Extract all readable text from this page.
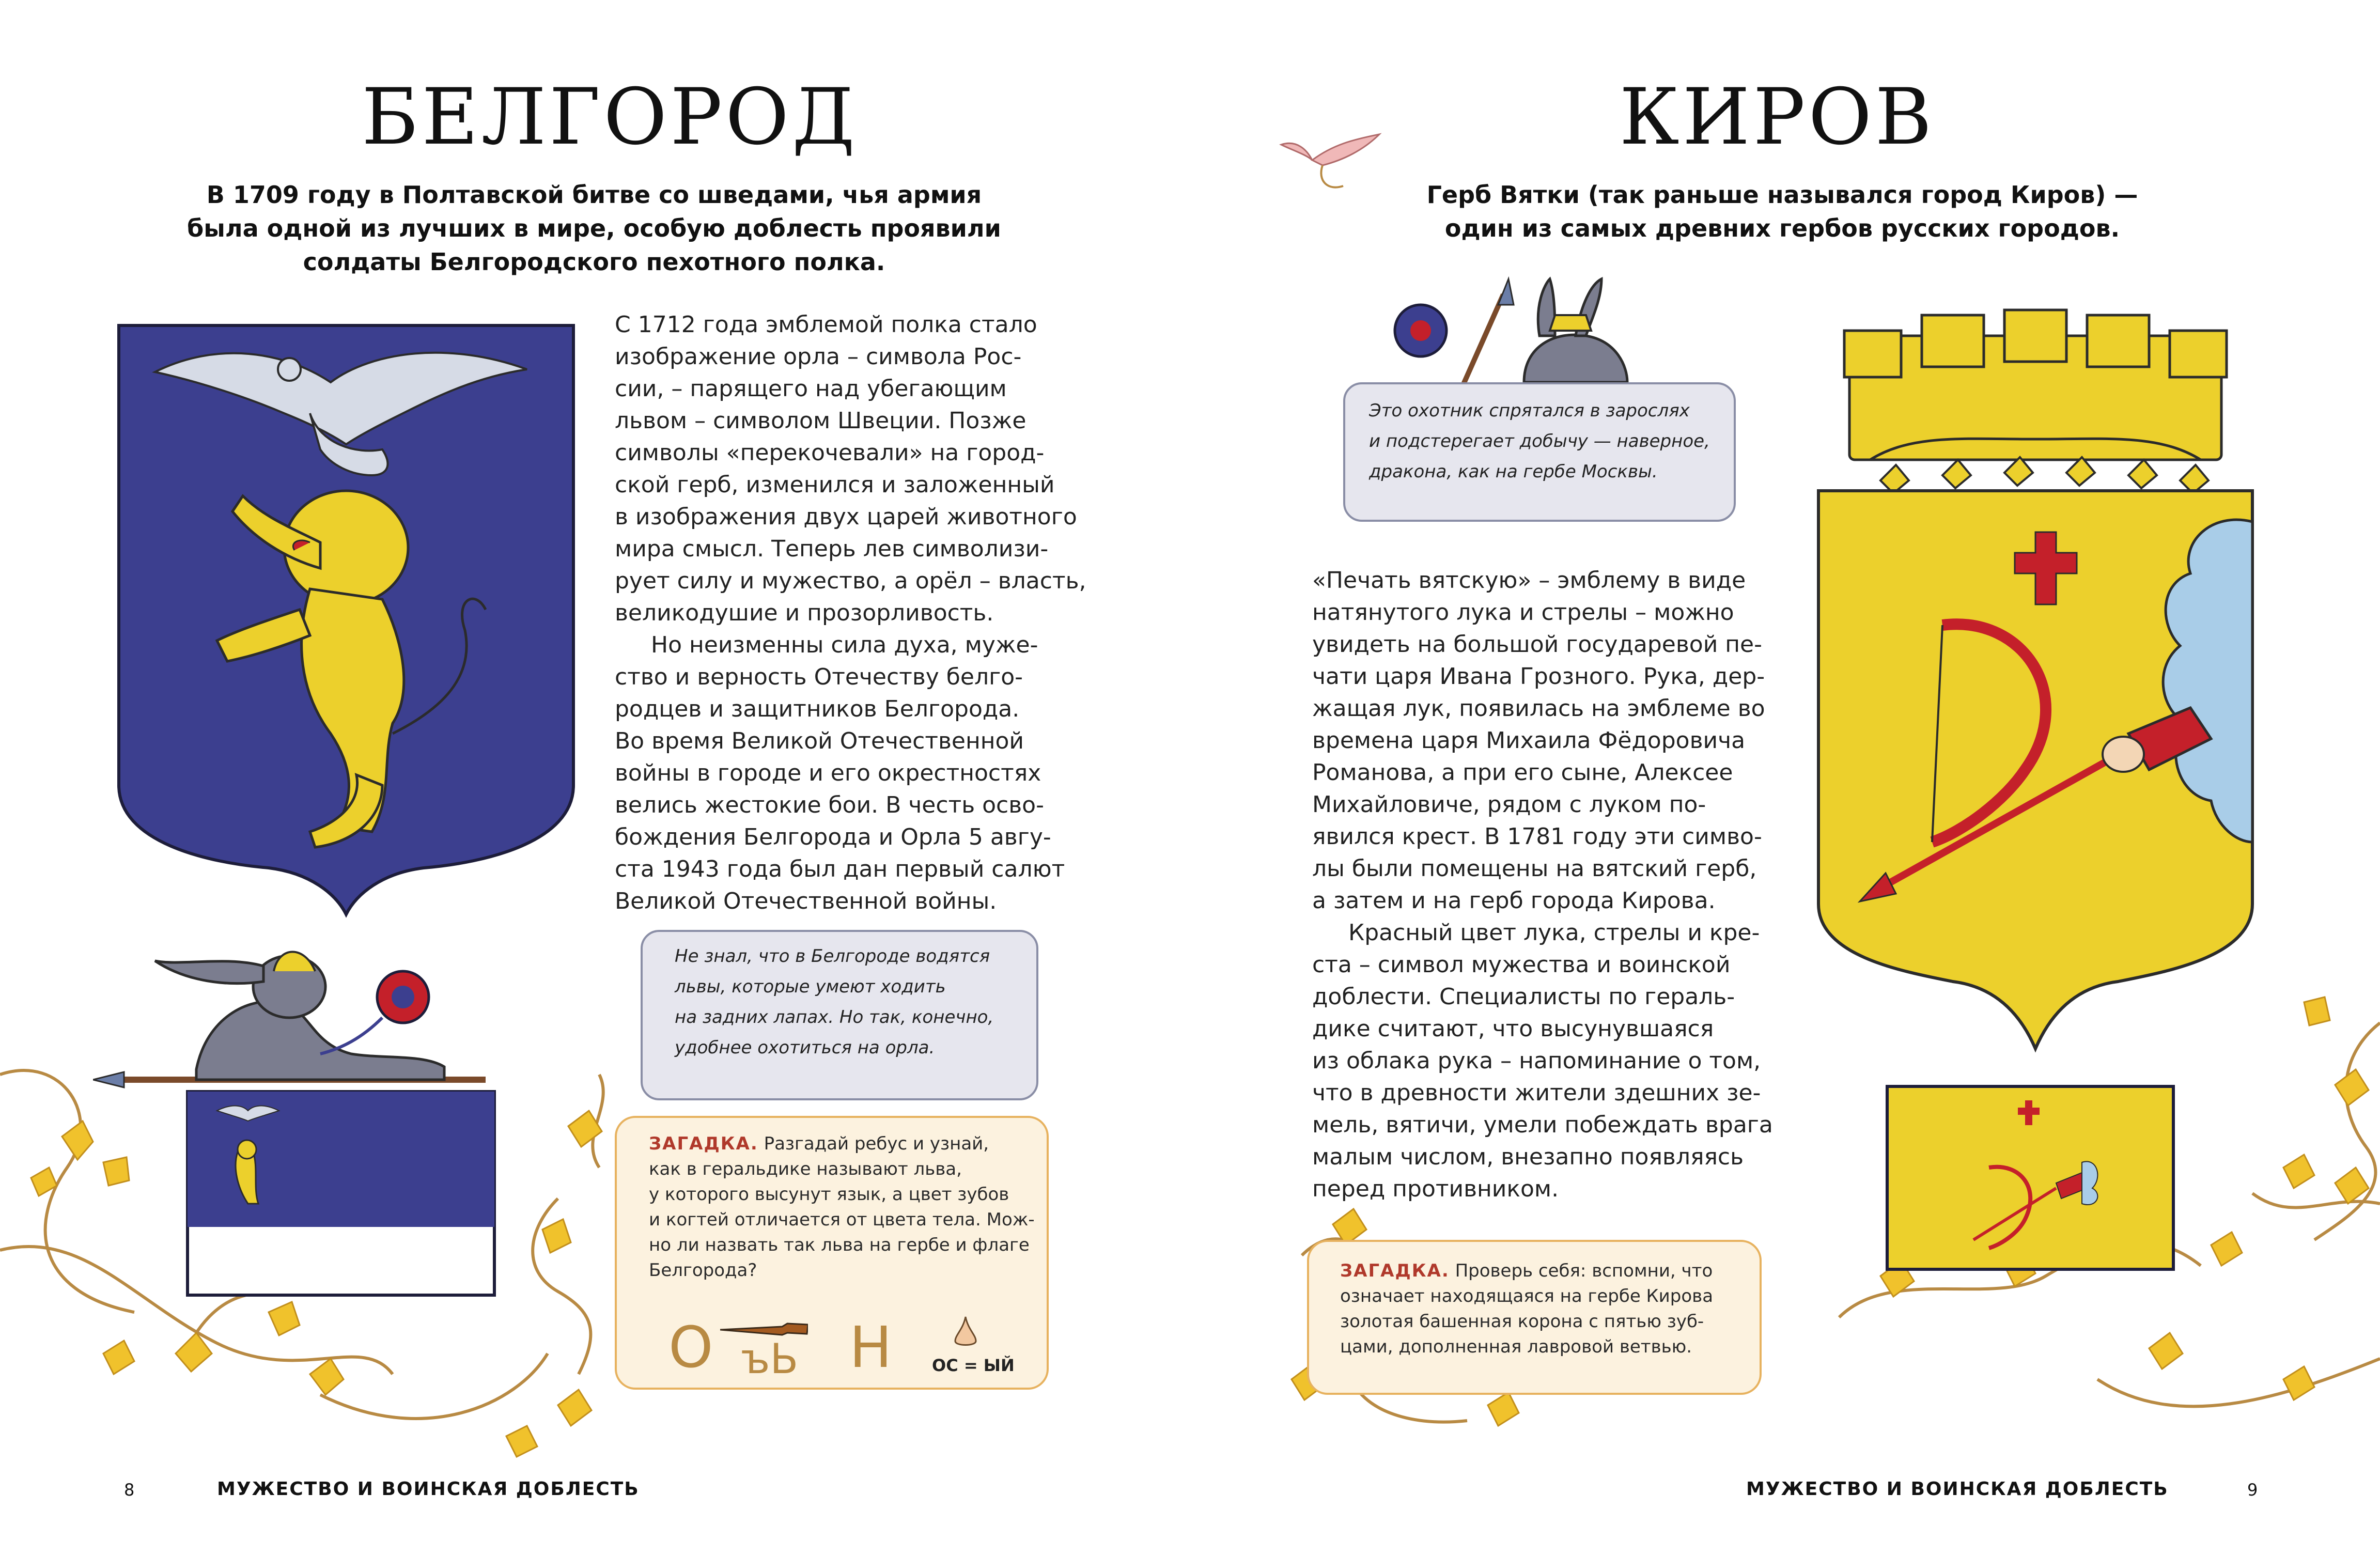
БЕЛГОРОД
В 1709 году в Полтавской битве со шведами, чья армия
была одной из лучших в мире, особую доблесть проявили
солдаты Белгородского пехотного полка.
С 1712 года эмблемой полка стало
изображение орла – символа Рос-
сии, – парящего над убегающим
львом – символом Швеции. Позже
символы «перекочевали» на город-
ской герб, изменился и заложенный
в изображения двух царей животного
мира смысл. Теперь лев символизи-
рует силу и мужество, а орёл – власть,
великодушие и прозорливость.
Но неизменны сила духа, муже-
ство и верность Отечеству белго-
родцев и защитников Белгорода.
Во время Великой Отечественной
войны в городе и его окрестностях
велись жестокие бои. В честь осво-
бождения Белгорода и Орла 5 авгу-
ста 1943 года был дан первый салют
Великой Отечественной войны.
Не знал, что в Белгороде водятся
львы, которые умеют ходить
на задних лапах. Но так, конечно,
удобнее охотиться на орла.
ЗАГАДКА. Разгадай ребус и узнай,
как в геральдике называют льва,
у которого высунут язык, а цвет зубов
и когтей отличается от цвета тела. Мож-
но ли назвать так льва на гербе и флаге
Белгорода?
О ъЬ Н ОС = ЫЙ
8	МУЖЕСТВО И ВОИНСКАЯ ДОБЛЕСТЬ
КИРОВ
Герб Вятки (так раньше назывался город Киров) —
один из самых древних гербов русских городов.
Это охотник спрятался в зарослях
и подстерегает добычу — наверное,
дракона, как на гербе Москвы.
«Печать вятскую» – эмблему в виде
натянутого лука и стрелы – можно
увидеть на большой государевой пе-
чати царя Ивана Грозного. Рука, дер-
жащая лук, появилась на эмблеме во
времена царя Михаила Фёдоровича
Романова, а при его сыне, Алексее
Михайловиче, рядом с луком по-
явился крест. В 1781 году эти симво-
лы были помещены на вятский герб,
а затем и на герб города Кирова.
Красный цвет лука, стрелы и кре-
ста – символ мужества и воинской
доблести. Специалисты по гераль-
дике считают, что высунувшаяся
из облака рука – напоминание о том,
что в древности жители здешних зе-
мель, вятичи, умели побеждать врага
малым числом, внезапно появляясь
перед противником.
ЗАГАДКА. Проверь себя: вспомни, что
означает находящаяся на гербе Кирова
золотая башенная корона с пятью зуб-
цами, дополненная лавровой ветвью.
МУЖЕСТВО И ВОИНСКАЯ ДОБЛЕСТЬ	9
